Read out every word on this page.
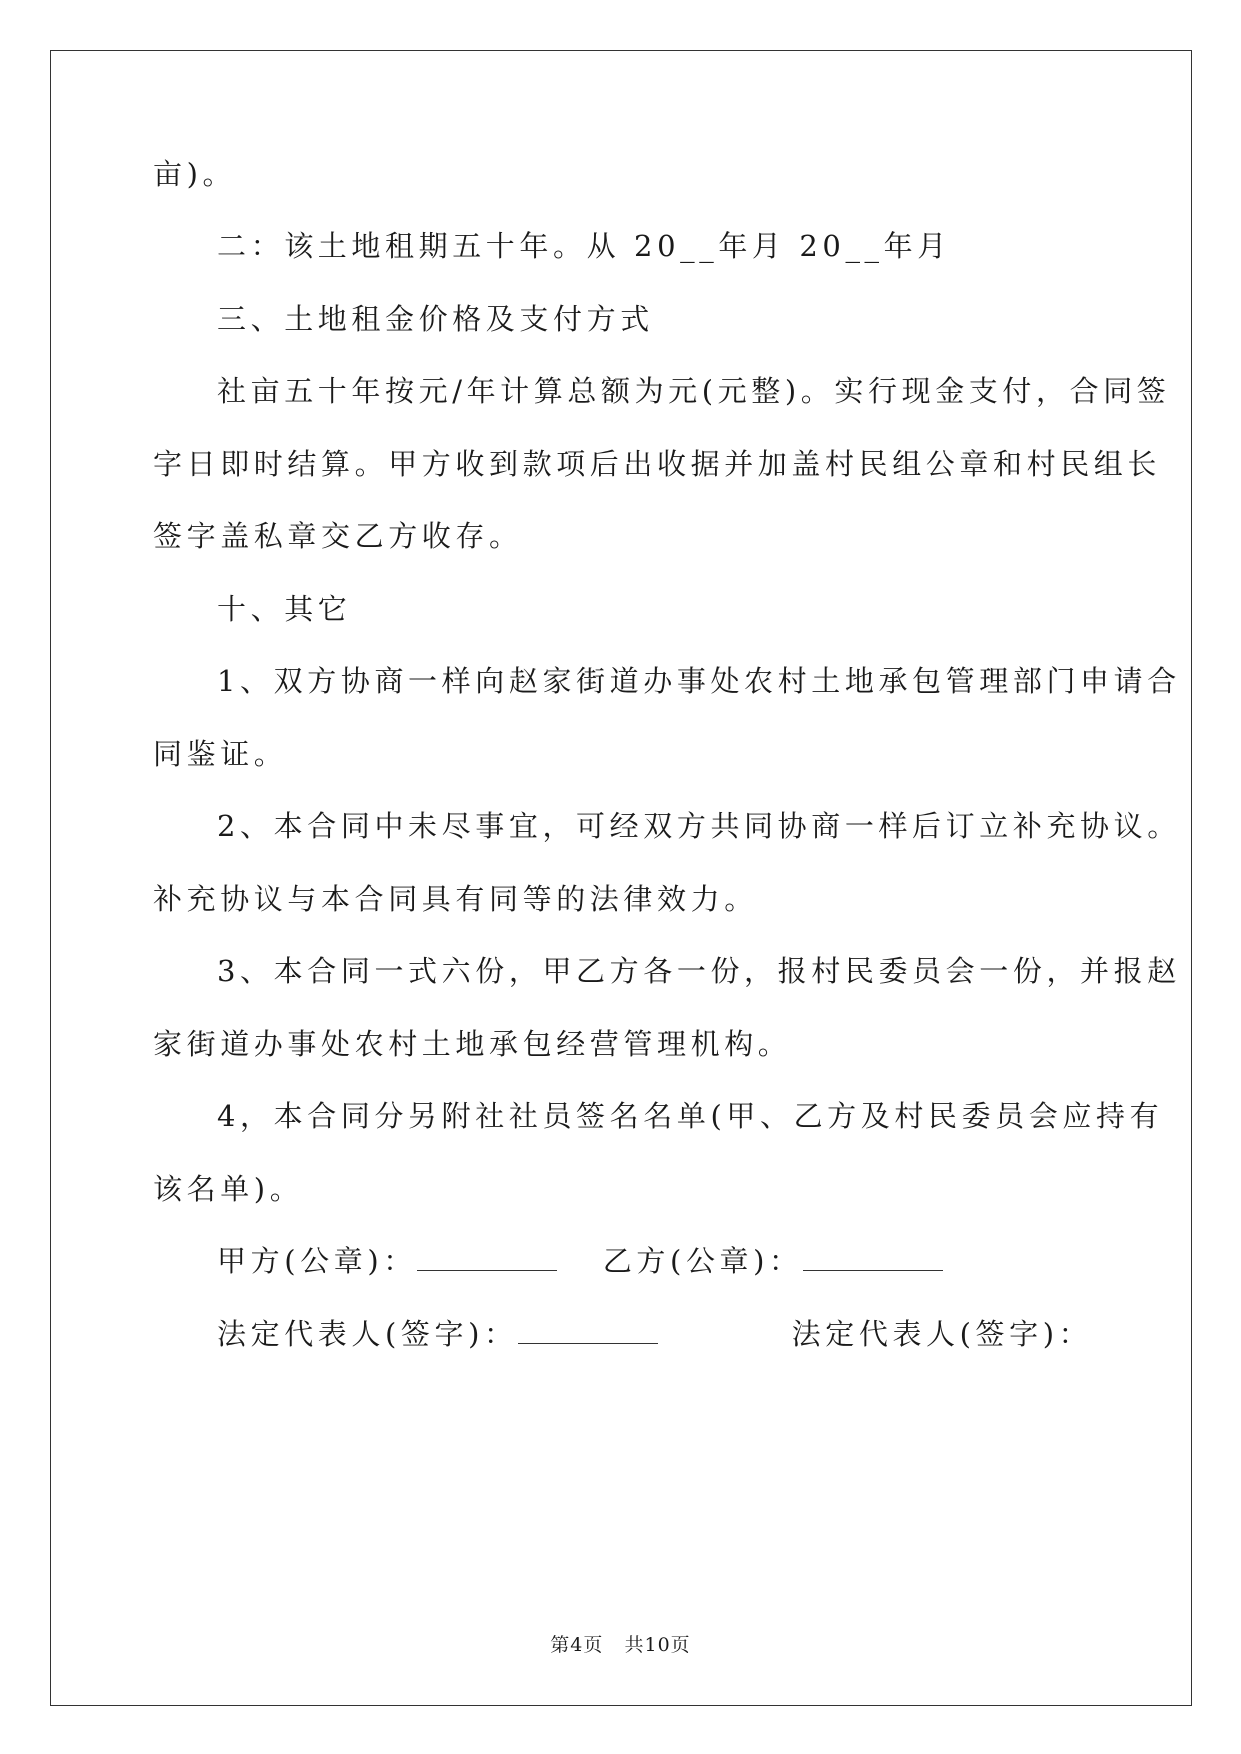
亩)。
二：该土地租期五十年。从 20__年月 20__年月
三、土地租金价格及支付方式
社亩五十年按元/年计算总额为元(元整)。实行现金支付，合同签
字日即时结算。甲方收到款项后出收据并加盖村民组公章和村民组长
签字盖私章交乙方收存。
十、其它
1、双方协商一样向赵家街道办事处农村土地承包管理部门申请合
同鉴证。
2、本合同中未尽事宜，可经双方共同协商一样后订立补充协议。
补充协议与本合同具有同等的法律效力。
3、本合同一式六份，甲乙方各一份，报村民委员会一份，并报赵
家街道办事处农村土地承包经营管理机构。
4，本合同分另附社社员签名名单(甲、乙方及村民委员会应持有
该名单)。
甲方(公章)：	乙方(公章)：
法定代表人(签字)：	法定代表人(签字)：
第4页   共10页
